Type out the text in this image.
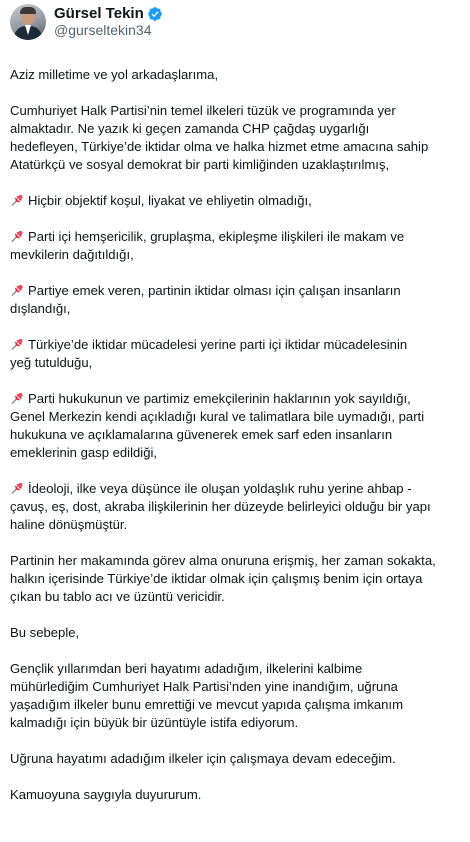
Gürsel Tekin
@gurseltekin34

Aziz milletime ve yol arkadaşlarıma,

Cumhuriyet Halk Partisi’nin temel ilkeleri tüzük ve programında yer
almaktadır. Ne yazık ki geçen zamanda CHP çağdaş uygarlığı
hedefleyen, Türkiye’de iktidar olma ve halka hizmet etme amacına sahip
Atatürkçü ve sosyal demokrat bir parti kimliğinden uzaklaştırılmış,

Hiçbir objektif koşul, liyakat ve ehliyetin olmadığı,

Parti içi hemşericilik, gruplaşma, ekipleşme ilişkileri ile makam ve
mevkilerin dağıtıldığı,

Partiye emek veren, partinin iktidar olması için çalışan insanların
dışlandığı,

Türkiye’de iktidar mücadelesi yerine parti içi iktidar mücadelesinin
yeğ tutulduğu,

Parti hukukunun ve partimiz emekçilerinin haklarının yok sayıldığı,
Genel Merkezin kendi açıkladığı kural ve talimatlara bile uymadığı, parti
hukukuna ve açıklamalarına güvenerek emek sarf eden insanların
emeklerinin gasp edildiği,

İdeoloji, ilke veya düşünce ile oluşan yoldaşlık ruhu yerine ahbap -
çavuş, eş, dost, akraba ilişkilerinin her düzeyde belirleyici olduğu bir yapı
haline dönüşmüştür.

Partinin her makamında görev alma onuruna erişmiş, her zaman sokakta,
halkın içerisinde Türkiye’de iktidar olmak için çalışmış benim için ortaya
çıkan bu tablo acı ve üzüntü vericidir.

Bu sebeple,

Gençlik yıllarımdan beri hayatımı adadığım, ilkelerini kalbime
mühürlediğim Cumhuriyet Halk Partisi’nden yine inandığım, uğruna
yaşadığım ilkeler bunu emrettiği ve mevcut yapıda çalışma imkanım
kalmadığı için büyük bir üzüntüyle istifa ediyorum.

Uğruna hayatımı adadığım ilkeler için çalışmaya devam edeceğim.

Kamuoyuna saygıyla duyururum.
